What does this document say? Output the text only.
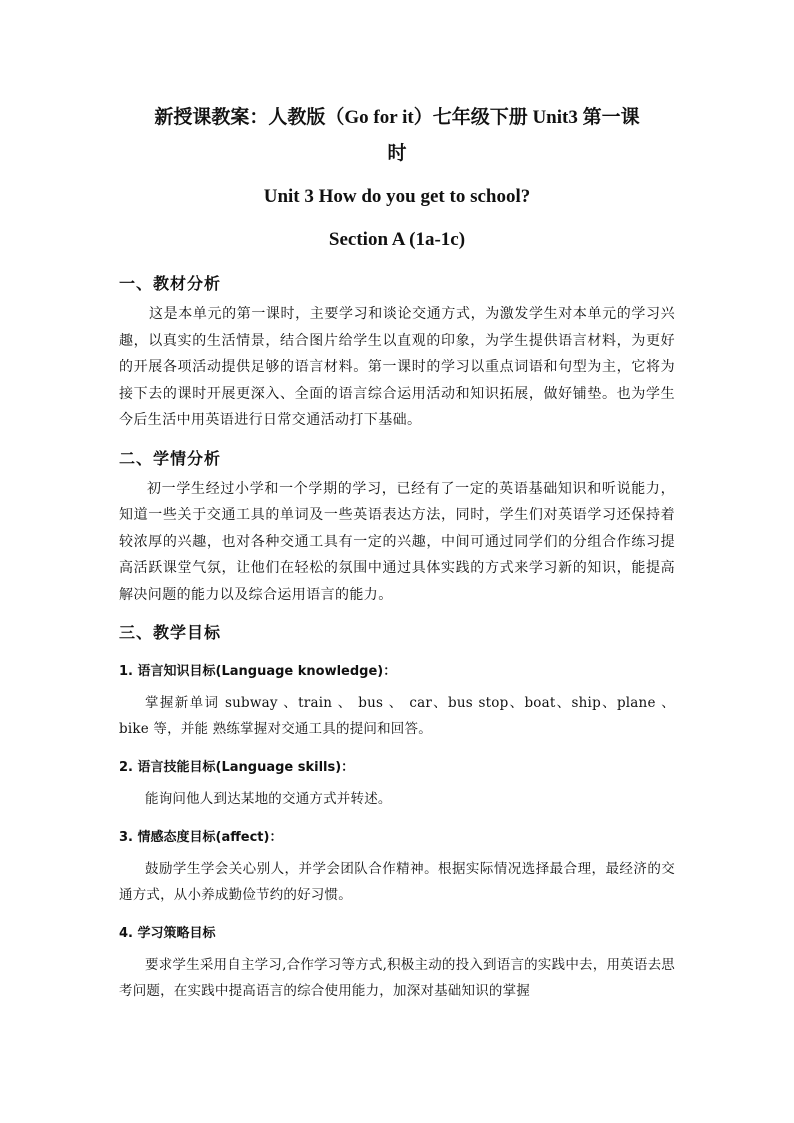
新授课教案：人教版（Go for it）七年级下册 Unit3 第一课
时
Unit 3 How do you get to school?
Section A (1a-1c)
一、教材分析

这是本单元的第一课时，主要学习和谈论交通方式，为激发学生对本单元的学习兴趣，以真实的生活情景，结合图片给学生以直观的印象，为学生提供语言材料，为更好的开展各项活动提供足够的语言材料。第一课时的学习以重点词语和句型为主，它将为接下去的课时开展更深入、全面的语言综合运用活动和知识拓展，做好铺垫。也为学生今后生活中用英语进行日常交通活动打下基础。

二、学情分析

初一学生经过小学和一个学期的学习，已经有了一定的英语基础知识和听说能力，知道一些关于交通工具的单词及一些英语表达方法，同时，学生们对英语学习还保持着较浓厚的兴趣，也对各种交通工具有一定的兴趣，中间可通过同学们的分组合作练习提高活跃课堂气氛，让他们在轻松的氛围中通过具体实践的方式来学习新的知识，能提高解决问题的能力以及综合运用语言的能力。

三、教学目标
1. 语言知识目标(Language knowledge)：

掌握新单词 subway 、train 、 bus 、 car、bus stop、boat、ship、plane 、bike 等，并能 熟练掌握对交通工具的提问和回答。

2. 语言技能目标(Language skills)：

能询问他人到达某地的交通方式并转述。

3. 情感态度目标(affect)：

鼓励学生学会关心别人，并学会团队合作精神。根据实际情况选择最合理，最经济的交通方式，从小养成勤俭节约的好习惯。

4. 学习策略目标

要求学生采用自主学习,合作学习等方式,积极主动的投入到语言的实践中去，用英语去思考问题，在实践中提高语言的综合使用能力，加深对基础知识的掌握
